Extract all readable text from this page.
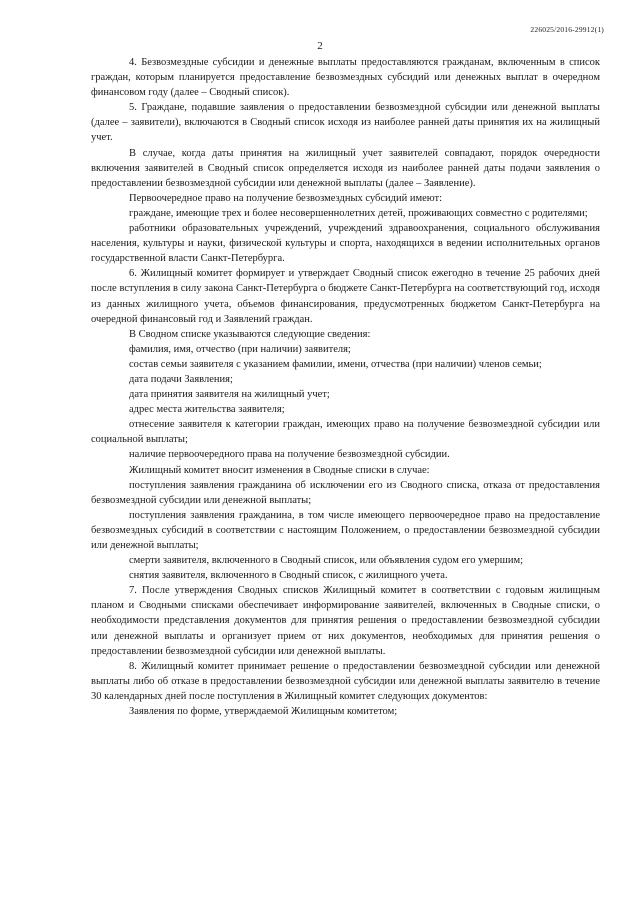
226025/2016-29912(1)
2

4. Безвозмездные субсидии и денежные выплаты предоставляются гражданам, включенным в список граждан, которым планируется предоставление безвозмездных субсидий или денежных выплат в очередном финансовом году (далее – Сводный список).

5. Граждане, подавшие заявления о предоставлении безвозмездной субсидии или денежной выплаты (далее – заявители), включаются в Сводный список исходя из наиболее ранней даты принятия их на жилищный учет.

В случае, когда даты принятия на жилищный учет заявителей совпадают, порядок очередности включения заявителей в Сводный список определяется исходя из наиболее ранней даты подачи заявления о предоставлении безвозмездной субсидии или денежной выплаты (далее – Заявление).

Первоочередное право на получение безвозмездных субсидий имеют:

граждане, имеющие трех и более несовершеннолетних детей, проживающих совместно с родителями;

работники образовательных учреждений, учреждений здравоохранения, социального обслуживания населения, культуры и науки, физической культуры и спорта, находящихся в ведении исполнительных органов государственной власти Санкт-Петербурга.

6. Жилищный комитет формирует и утверждает Сводный список ежегодно в течение 25 рабочих дней после вступления в силу закона Санкт-Петербурга о бюджете Санкт-Петербурга на соответствующий год, исходя из данных жилищного учета, объемов финансирования, предусмотренных бюджетом Санкт-Петербурга на очередной финансовый год и Заявлений граждан.

В Сводном списке указываются следующие сведения:

фамилия, имя, отчество (при наличии) заявителя;

состав семьи заявителя с указанием фамилии, имени, отчества (при наличии) членов семьи;

дата подачи Заявления;

дата принятия заявителя на жилищный учет;

адрес места жительства заявителя;

отнесение заявителя к категории граждан, имеющих право на получение безвозмездной субсидии или социальной выплаты;

наличие первоочередного права на получение безвозмездной субсидии.

Жилищный комитет вносит изменения в Сводные списки в случае:

поступления заявления гражданина об исключении его из Сводного списка, отказа от предоставления безвозмездной субсидии или денежной выплаты;

поступления заявления гражданина, в том числе имеющего первоочередное право на предоставление безвозмездных субсидий в соответствии с настоящим Положением, о предоставлении безвозмездной субсидии или денежной выплаты;

смерти заявителя, включенного в Сводный список, или объявления судом его умершим;

снятия заявителя, включенного в Сводный список, с жилищного учета.

7. После утверждения Сводных списков Жилищный комитет в соответствии с годовым жилищным планом и Сводными списками обеспечивает информирование заявителей, включенных в Сводные списки, о необходимости представления документов для принятия решения о предоставлении безвозмездной субсидии или денежной выплаты и организует прием от них документов, необходимых для принятия решения о предоставлении безвозмездной субсидии или денежной выплаты.

8. Жилищный комитет принимает решение о предоставлении безвозмездной субсидии или денежной выплаты либо об отказе в предоставлении безвозмездной субсидии или денежной выплаты заявителю в течение 30 календарных дней после поступления в Жилищный комитет следующих документов:

Заявления по форме, утверждаемой Жилищным комитетом;
